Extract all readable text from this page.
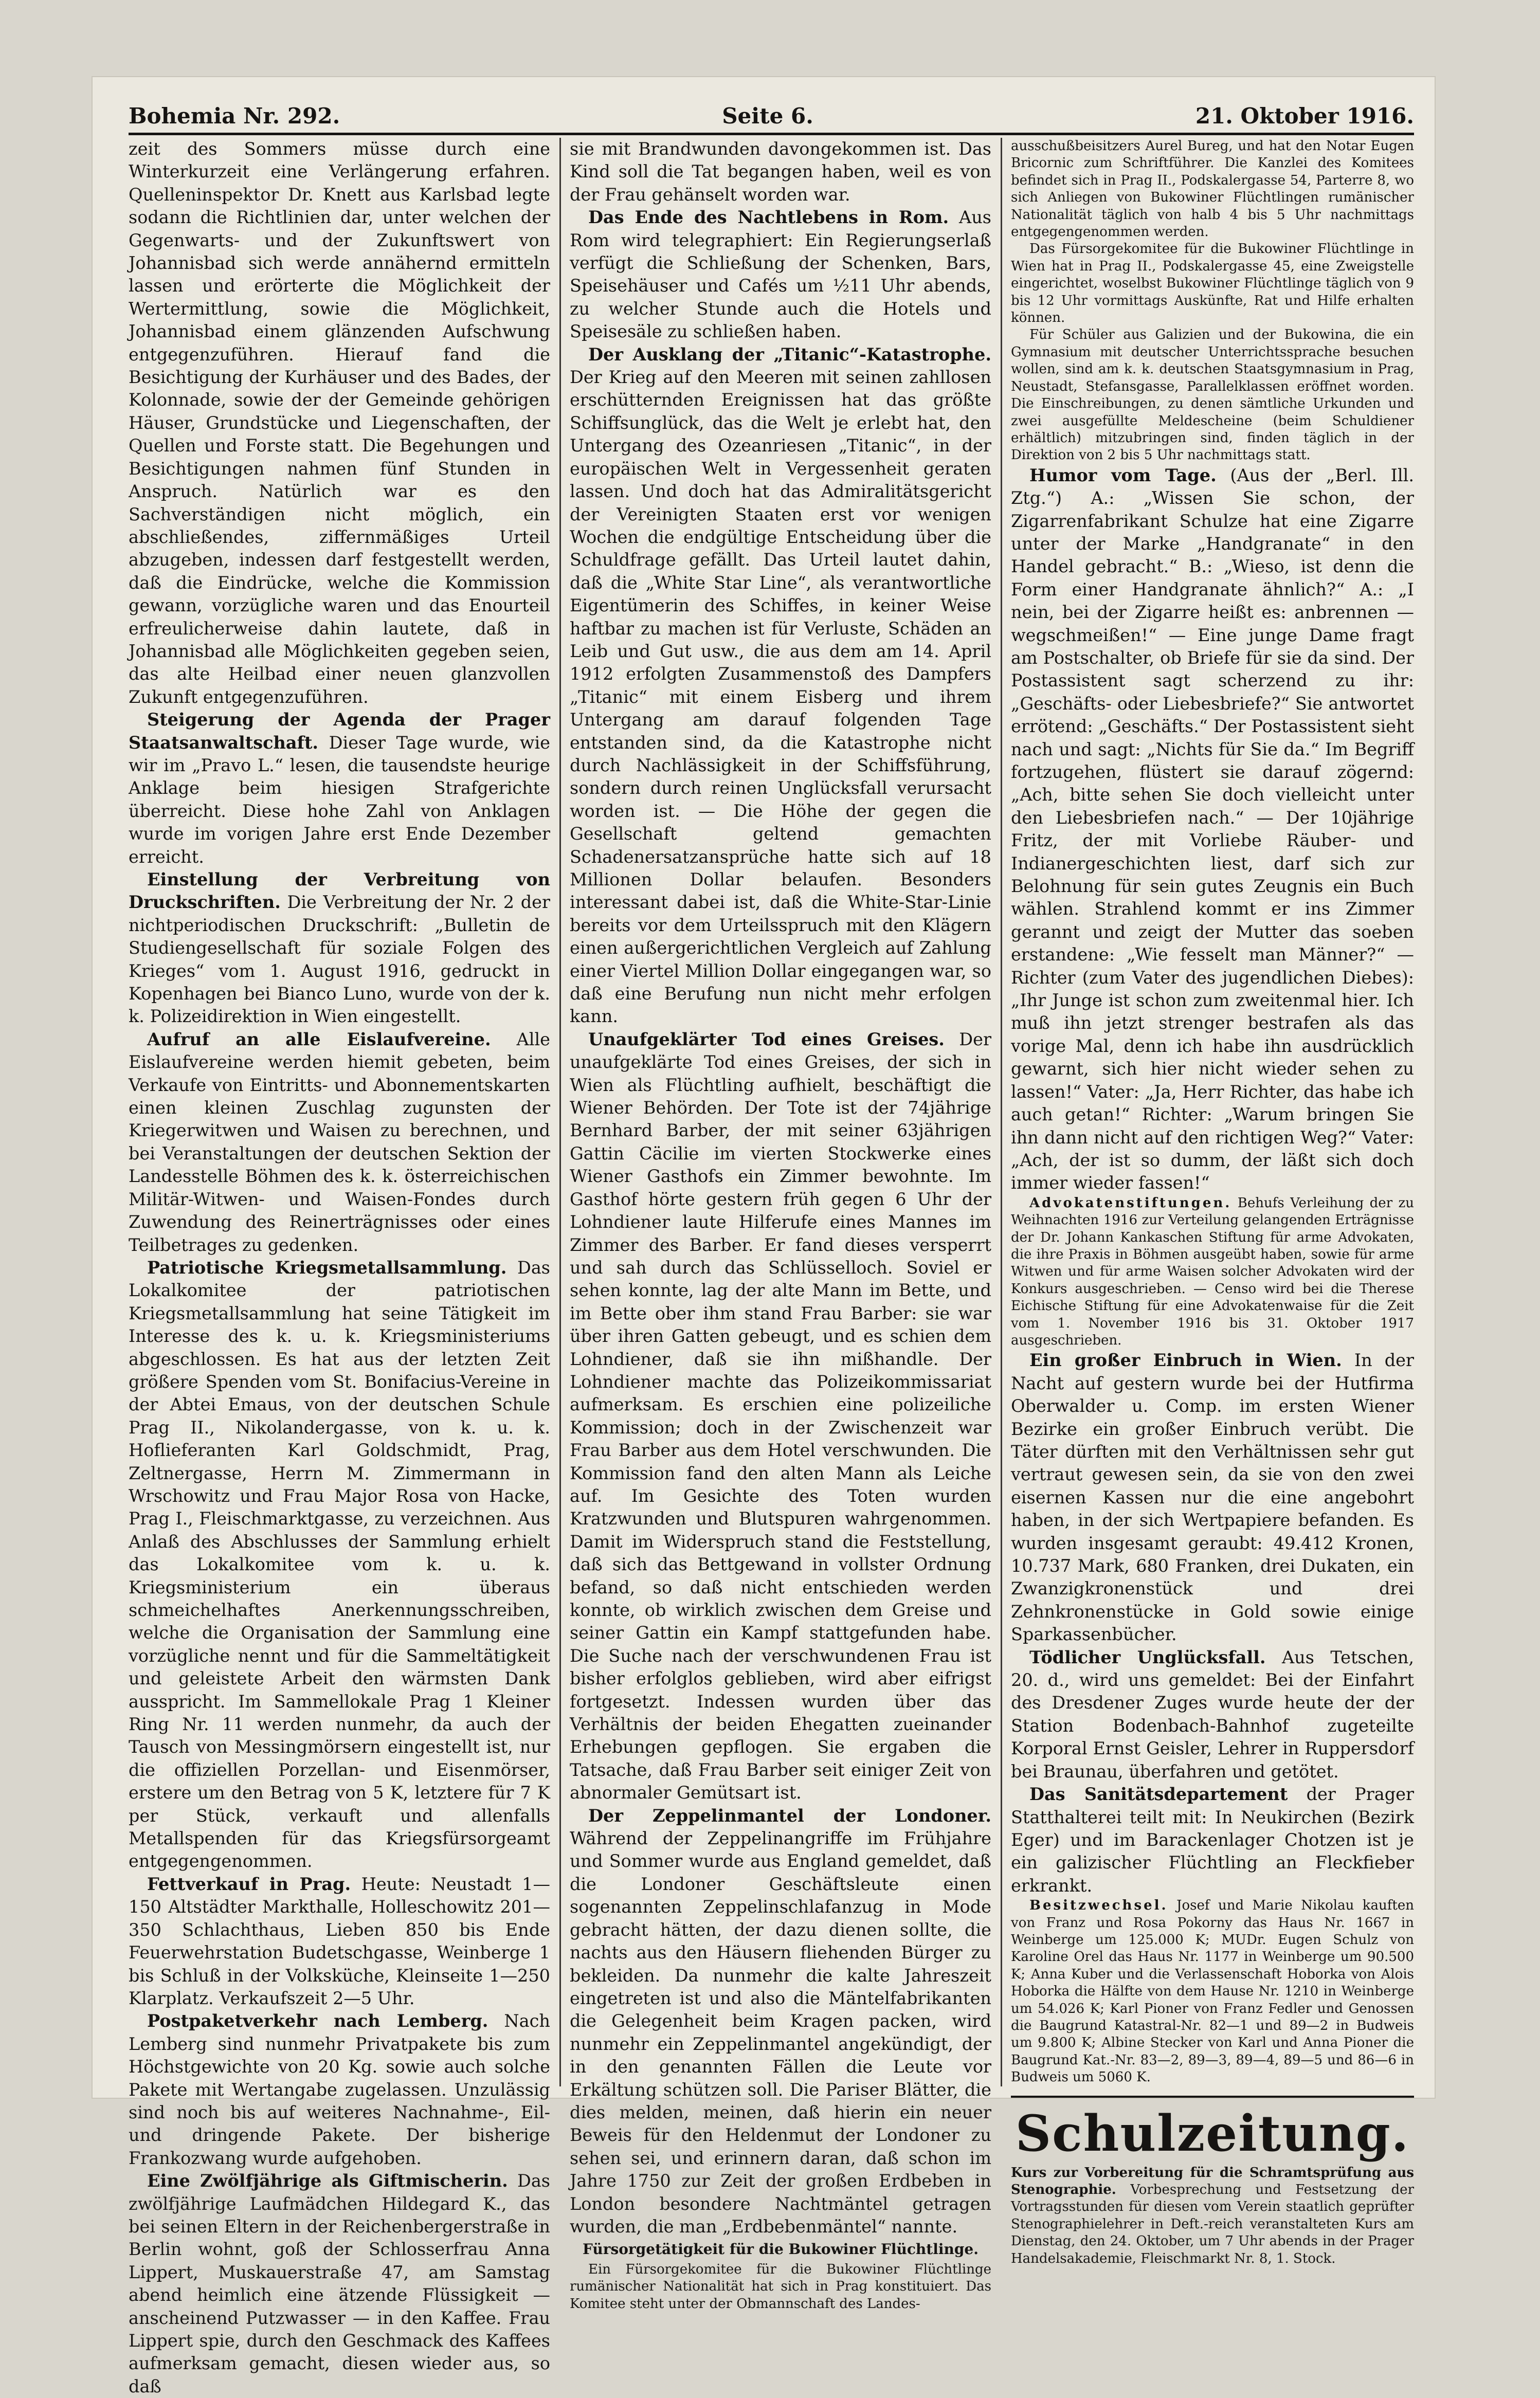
Bohemia Nr. 292.	Seite 6.	21. Oktober 1916.

zeit des Sommers müsse durch eine Winterkurzeit eine Verlängerung erfahren. Quelleninspektor Dr. Knett aus Karlsbad legte sodann die Richtlinien dar, unter welchen der Gegenwarts- und der Zukunftswert von Johannisbad sich werde annähernd ermitteln lassen und erörterte die Möglichkeit der Wertermittlung, sowie die Möglichkeit, Johannisbad einem glänzenden Aufschwung entgegenzuführen. Hierauf fand die Besichtigung der Kurhäuser und des Bades, der Kolonnade, sowie der der Gemeinde gehörigen Häuser, Grundstücke und Liegenschaften, der Quellen und Forste statt. Die Begehungen und Besichtigungen nahmen fünf Stunden in Anspruch. Natürlich war es den Sachverständigen nicht möglich, ein abschließendes, ziffernmäßiges Urteil abzugeben, indessen darf festgestellt werden, daß die Eindrücke, welche die Kommission gewann, vorzügliche waren und das Enourteil erfreulicherweise dahin lautete, daß in Johannisbad alle Möglichkeiten gegeben seien, das alte Heilbad einer neuen glanzvollen Zukunft entgegenzuführen.

Steigerung der Agenda der Prager Staatsanwaltschaft. Dieser Tage wurde, wie wir im „Pravo L.“ lesen, die tausendste heurige Anklage beim hiesigen Strafgerichte überreicht. Diese hohe Zahl von Anklagen wurde im vorigen Jahre erst Ende Dezember erreicht.

Einstellung der Verbreitung von Druckschriften. Die Verbreitung der Nr. 2 der nichtperiodischen Druckschrift: „Bulletin de Studiengesellschaft für soziale Folgen des Krieges“ vom 1. August 1916, gedruckt in Kopenhagen bei Bianco Luno, wurde von der k. k. Polizeidirektion in Wien eingestellt.

Aufruf an alle Eislaufvereine. Alle Eislaufvereine werden hiemit gebeten, beim Verkaufe von Eintritts- und Abonnementskarten einen kleinen Zuschlag zugunsten der Kriegerwitwen und Waisen zu berechnen, und bei Veranstaltungen der deutschen Sektion der Landesstelle Böhmen des k. k. österreichischen Militär-Witwen- und Waisen-Fondes durch Zuwendung des Reinerträgnisses oder eines Teilbetrages zu gedenken.

Patriotische Kriegsmetallsammlung. Das Lokalkomitee der patriotischen Kriegsmetallsammlung hat seine Tätigkeit im Interesse des k. u. k. Kriegsministeriums abgeschlossen. Es hat aus der letzten Zeit größere Spenden vom St. Bonifacius-Vereine in der Abtei Emaus, von der deutschen Schule Prag II., Nikolandergasse, von k. u. k. Hoflieferanten Karl Goldschmidt, Prag, Zeltnergasse, Herrn M. Zimmermann in Wrschowitz und Frau Major Rosa von Hacke, Prag I., Fleischmarktgasse, zu verzeichnen. Aus Anlaß des Abschlusses der Sammlung erhielt das Lokalkomitee vom k. u. k. Kriegsministerium ein überaus schmeichelhaftes Anerkennungsschreiben, welche die Organisation der Sammlung eine vorzügliche nennt und für die Sammeltätigkeit und geleistete Arbeit den wärmsten Dank ausspricht. Im Sammellokale Prag 1 Kleiner Ring Nr. 11 werden nunmehr, da auch der Tausch von Messingmörsern eingestellt ist, nur die offiziellen Porzellan- und Eisenmörser, erstere um den Betrag von 5 K, letztere für 7 K per Stück, verkauft und allenfalls Metallspenden für das Kriegsfürsorgeamt entgegengenommen.

Fettverkauf in Prag. Heute: Neustadt 1—150 Altstädter Markthalle, Holleschowitz 201—350 Schlachthaus, Lieben 850 bis Ende Feuerwehrstation Budetschgasse, Weinberge 1 bis Schluß in der Volksküche, Kleinseite 1—250 Klarplatz. Verkaufszeit 2—5 Uhr.

Postpaketverkehr nach Lemberg. Nach Lemberg sind nunmehr Privatpakete bis zum Höchstgewichte von 20 Kg. sowie auch solche Pakete mit Wertangabe zugelassen. Unzulässig sind noch bis auf weiteres Nachnahme-, Eil- und dringende Pakete. Der bisherige Frankozwang wurde aufgehoben.

Eine Zwölfjährige als Giftmischerin. Das zwölfjährige Laufmädchen Hildegard K., das bei seinen Eltern in der Reichenbergerstraße in Berlin wohnt, goß der Schlosserfrau Anna Lippert, Muskauerstraße 47, am Samstag abend heimlich eine ätzende Flüssigkeit — anscheinend Putzwasser — in den Kaffee. Frau Lippert spie, durch den Geschmack des Kaffees aufmerksam gemacht, diesen wieder aus, so daß

sie mit Brandwunden davongekommen ist. Das Kind soll die Tat begangen haben, weil es von der Frau gehänselt worden war.

Das Ende des Nachtlebens in Rom. Aus Rom wird telegraphiert: Ein Regierungserlaß verfügt die Schließung der Schenken, Bars, Speisehäuser und Cafés um ½11 Uhr abends, zu welcher Stunde auch die Hotels und Speisesäle zu schließen haben.

Der Ausklang der „Titanic“-Katastrophe. Der Krieg auf den Meeren mit seinen zahllosen erschütternden Ereignissen hat das größte Schiffsunglück, das die Welt je erlebt hat, den Untergang des Ozeanriesen „Titanic“, in der europäischen Welt in Vergessenheit geraten lassen. Und doch hat das Admiralitätsgericht der Vereinigten Staaten erst vor wenigen Wochen die endgültige Entscheidung über die Schuldfrage gefällt. Das Urteil lautet dahin, daß die „White Star Line“, als verantwortliche Eigentümerin des Schiffes, in keiner Weise haftbar zu machen ist für Verluste, Schäden an Leib und Gut usw., die aus dem am 14. April 1912 erfolgten Zusammenstoß des Dampfers „Titanic“ mit einem Eisberg und ihrem Untergang am darauf folgenden Tage entstanden sind, da die Katastrophe nicht durch Nachlässigkeit in der Schiffsführung, sondern durch reinen Unglücksfall verursacht worden ist. — Die Höhe der gegen die Gesellschaft geltend gemachten Schadenersatzansprüche hatte sich auf 18 Millionen Dollar belaufen. Besonders interessant dabei ist, daß die White-Star-Linie bereits vor dem Urteilsspruch mit den Klägern einen außergerichtlichen Vergleich auf Zahlung einer Viertel Million Dollar eingegangen war, so daß eine Berufung nun nicht mehr erfolgen kann.

Unaufgeklärter Tod eines Greises. Der unaufgeklärte Tod eines Greises, der sich in Wien als Flüchtling aufhielt, beschäftigt die Wiener Behörden. Der Tote ist der 74jährige Bernhard Barber, der mit seiner 63jährigen Gattin Cäcilie im vierten Stockwerke eines Wiener Gasthofs ein Zimmer bewohnte. Im Gasthof hörte gestern früh gegen 6 Uhr der Lohndiener laute Hilferufe eines Mannes im Zimmer des Barber. Er fand dieses versperrt und sah durch das Schlüsselloch. Soviel er sehen konnte, lag der alte Mann im Bette, und im Bette ober ihm stand Frau Barber: sie war über ihren Gatten gebeugt, und es schien dem Lohndiener, daß sie ihn mißhandle. Der Lohndiener machte das Polizeikommissariat aufmerksam. Es erschien eine polizeiliche Kommission; doch in der Zwischenzeit war Frau Barber aus dem Hotel verschwunden. Die Kommission fand den alten Mann als Leiche auf. Im Gesichte des Toten wurden Kratzwunden und Blutspuren wahrgenommen. Damit im Widerspruch stand die Feststellung, daß sich das Bettgewand in vollster Ordnung befand, so daß nicht entschieden werden konnte, ob wirklich zwischen dem Greise und seiner Gattin ein Kampf stattgefunden habe. Die Suche nach der verschwundenen Frau ist bisher erfolglos geblieben, wird aber eifrigst fortgesetzt. Indessen wurden über das Verhältnis der beiden Ehegatten zueinander Erhebungen gepflogen. Sie ergaben die Tatsache, daß Frau Barber seit einiger Zeit von abnormaler Gemütsart ist.

Der Zeppelinmantel der Londoner. Während der Zeppelinangriffe im Frühjahre und Sommer wurde aus England gemeldet, daß die Londoner Geschäftsleute einen sogenannten Zeppelinschlafanzug in Mode gebracht hätten, der dazu dienen sollte, die nachts aus den Häusern fliehenden Bürger zu bekleiden. Da nunmehr die kalte Jahreszeit eingetreten ist und also die Mäntelfabrikanten die Gelegenheit beim Kragen packen, wird nunmehr ein Zeppelinmantel angekündigt, der in den genannten Fällen die Leute vor Erkältung schützen soll. Die Pariser Blätter, die dies melden, meinen, daß hierin ein neuer Beweis für den Heldenmut der Londoner zu sehen sei, und erinnern daran, daß schon im Jahre 1750 zur Zeit der großen Erdbeben in London besondere Nachtmäntel getragen wurden, die man „Erdbebenmäntel“ nannte.

Fürsorgetätigkeit für die Bukowiner Flüchtlinge.

Ein Fürsorgekomitee für die Bukowiner Flüchtlinge rumänischer Nationalität hat sich in Prag konstituiert. Das Komitee steht unter der Obmannschaft des Landes-

ausschußbeisitzers Aurel Bureg, und hat den Notar Eugen Bricornic zum Schriftführer. Die Kanzlei des Komitees befindet sich in Prag II., Podskalergasse 54, Parterre 8, wo sich Anliegen von Bukowiner Flüchtlingen rumänischer Nationalität täglich von halb 4 bis 5 Uhr nachmittags entgegengenommen werden.

Das Fürsorgekomitee für die Bukowiner Flüchtlinge in Wien hat in Prag II., Podskalergasse 45, eine Zweigstelle eingerichtet, woselbst Bukowiner Flüchtlinge täglich von 9 bis 12 Uhr vormittags Auskünfte, Rat und Hilfe erhalten können.

Für Schüler aus Galizien und der Bukowina, die ein Gymnasium mit deutscher Unterrichtssprache besuchen wollen, sind am k. k. deutschen Staatsgymnasium in Prag, Neustadt, Stefansgasse, Parallelklassen eröffnet worden. Die Einschreibungen, zu denen sämtliche Urkunden und zwei ausgefüllte Meldescheine (beim Schuldiener erhältlich) mitzubringen sind, finden täglich in der Direktion von 2 bis 5 Uhr nachmittags statt.

Humor vom Tage. (Aus der „Berl. Ill. Ztg.“) A.: „Wissen Sie schon, der Zigarrenfabrikant Schulze hat eine Zigarre unter der Marke „Handgranate“ in den Handel gebracht.“ B.: „Wieso, ist denn die Form einer Handgranate ähnlich?“ A.: „I nein, bei der Zigarre heißt es: anbrennen — wegschmeißen!“ — Eine junge Dame fragt am Postschalter, ob Briefe für sie da sind. Der Postassistent sagt scherzend zu ihr: „Geschäfts- oder Liebesbriefe?“ Sie antwortet errötend: „Geschäfts.“ Der Postassistent sieht nach und sagt: „Nichts für Sie da.“ Im Begriff fortzugehen, flüstert sie darauf zögernd: „Ach, bitte sehen Sie doch vielleicht unter den Liebesbriefen nach.“ — Der 10jährige Fritz, der mit Vorliebe Räuber- und Indianergeschichten liest, darf sich zur Belohnung für sein gutes Zeugnis ein Buch wählen. Strahlend kommt er ins Zimmer gerannt und zeigt der Mutter das soeben erstandene: „Wie fesselt man Männer?“ — Richter (zum Vater des jugendlichen Diebes): „Ihr Junge ist schon zum zweitenmal hier. Ich muß ihn jetzt strenger bestrafen als das vorige Mal, denn ich habe ihn ausdrücklich gewarnt, sich hier nicht wieder sehen zu lassen!“ Vater: „Ja, Herr Richter, das habe ich auch getan!“ Richter: „Warum bringen Sie ihn dann nicht auf den richtigen Weg?“ Vater: „Ach, der ist so dumm, der läßt sich doch immer wieder fassen!“

Advokatenstiftungen. Behufs Verleihung der zu Weihnachten 1916 zur Verteilung gelangenden Erträgnisse der Dr. Johann Kankaschen Stiftung für arme Advokaten, die ihre Praxis in Böhmen ausgeübt haben, sowie für arme Witwen und für arme Waisen solcher Advokaten wird der Konkurs ausgeschrieben. — Censo wird bei die Therese Eichische Stiftung für eine Advokatenwaise für die Zeit vom 1. November 1916 bis 31. Oktober 1917 ausgeschrieben.

Ein großer Einbruch in Wien. In der Nacht auf gestern wurde bei der Hutfirma Oberwalder u. Comp. im ersten Wiener Bezirke ein großer Einbruch verübt. Die Täter dürften mit den Verhältnissen sehr gut vertraut gewesen sein, da sie von den zwei eisernen Kassen nur die eine angebohrt haben, in der sich Wertpapiere befanden. Es wurden insgesamt geraubt: 49.412 Kronen, 10.737 Mark, 680 Franken, drei Dukaten, ein Zwanzigkronenstück und drei Zehnkronenstücke in Gold sowie einige Sparkassenbücher.

Tödlicher Unglücksfall. Aus Tetschen, 20. d., wird uns gemeldet: Bei der Einfahrt des Dresdener Zuges wurde heute der der Station Bodenbach-Bahnhof zugeteilte Korporal Ernst Geisler, Lehrer in Ruppersdorf bei Braunau, überfahren und getötet.

Das Sanitätsdepartement der Prager Statthalterei teilt mit: In Neukirchen (Bezirk Eger) und im Barackenlager Chotzen ist je ein galizischer Flüchtling an Fleckfieber erkrankt.

Besitzwechsel. Josef und Marie Nikolau kauften von Franz und Rosa Pokorny das Haus Nr. 1667 in Weinberge um 125.000 K; MUDr. Eugen Schulz von Karoline Orel das Haus Nr. 1177 in Weinberge um 90.500 K; Anna Kuber und die Verlassenschaft Hoborka von Alois Hoborka die Hälfte von dem Hause Nr. 1210 in Weinberge um 54.026 K; Karl Pioner von Franz Fedler und Genossen die Baugrund Katastral-Nr. 82—1 und 89—2 in Budweis um 9.800 K; Albine Stecker von Karl und Anna Pioner die Baugrund Kat.-Nr. 83—2, 89—3, 89—4, 89—5 und 86—6 in Budweis um 5060 K.

Schulzeitung.

Kurs zur Vorbereitung für die Schramtsprüfung aus Stenographie. Vorbesprechung und Festsetzung der Vortragsstunden für diesen vom Verein staatlich geprüfter Stenographielehrer in Deft.-reich veranstalteten Kurs am Dienstag, den 24. Oktober, um 7 Uhr abends in der Prager Handelsakademie, Fleischmarkt Nr. 8, 1. Stock.
